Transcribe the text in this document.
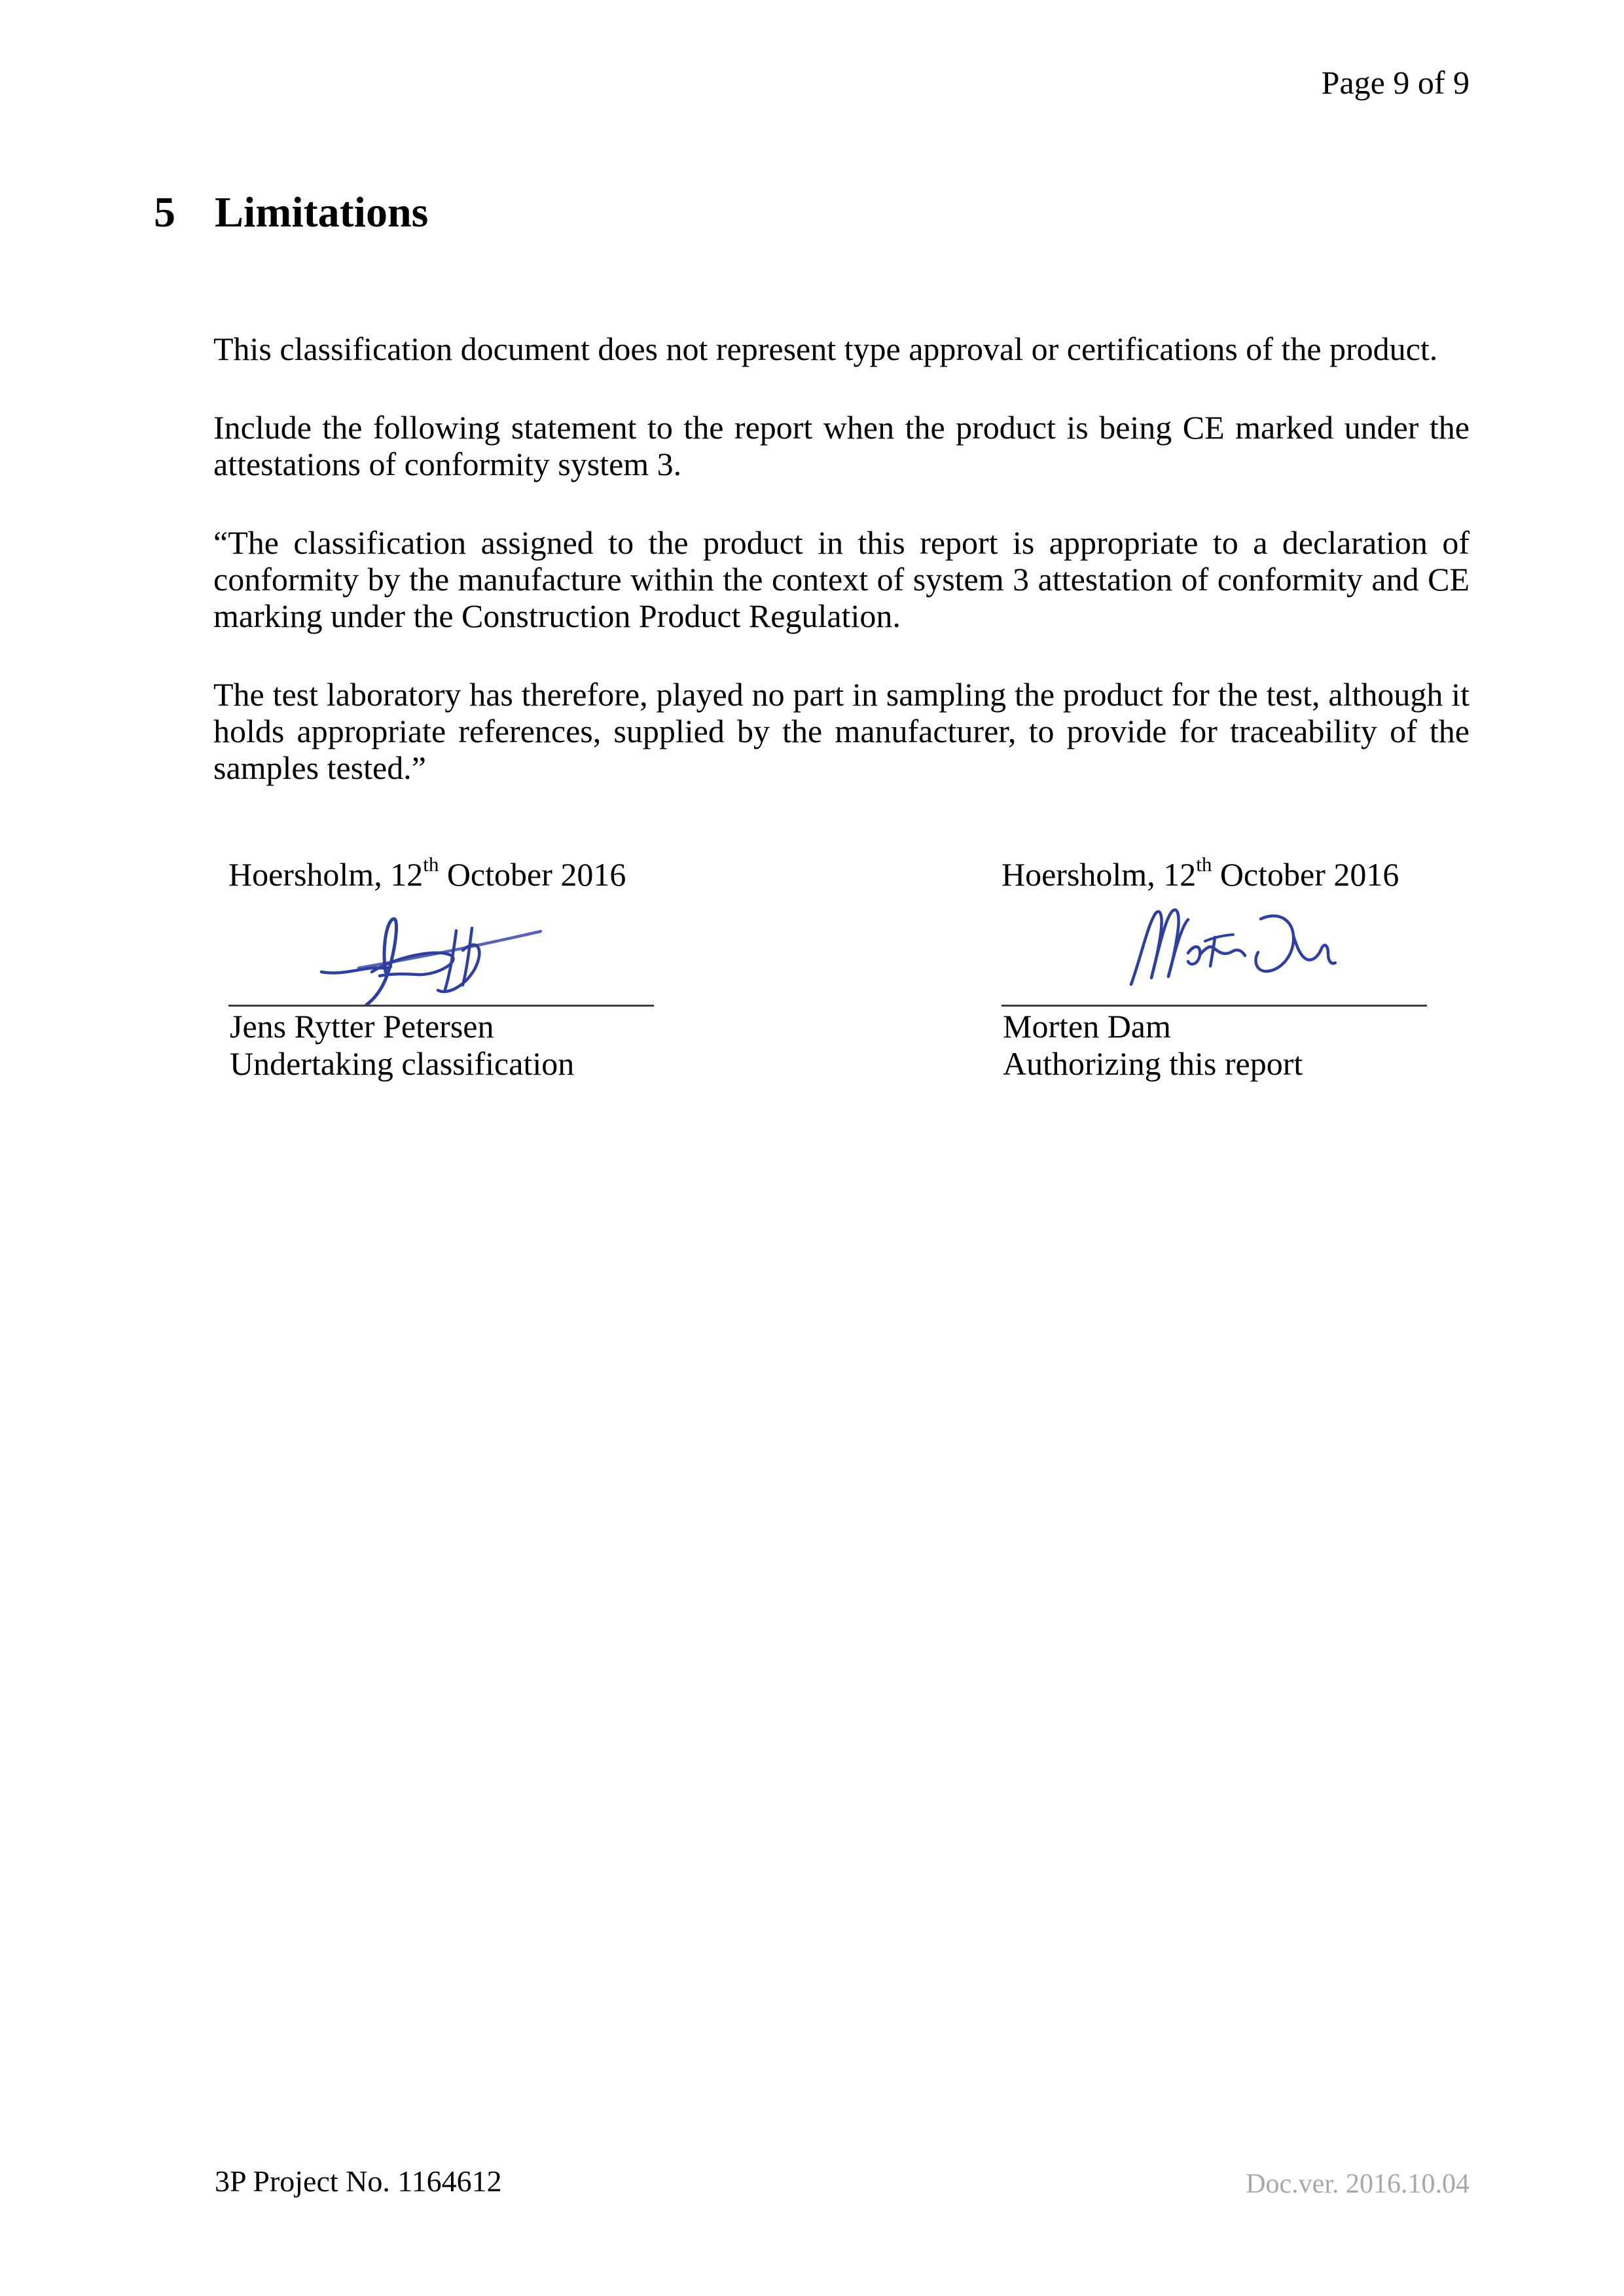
Page 9 of 9
5 Limitations

This classification document does not represent type approval or certifications of the product.

Include the following statement to the report when the product is being CE marked under the attestations of conformity system 3.

“The classification assigned to the product in this report is appropriate to a declaration of conformity by the manufacture within the context of system 3 attestation of conformity and CE marking under the Construction Product Regulation.

The test laboratory has therefore, played no part in sampling the product for the test, although it holds appropriate references, supplied by the manufacturer, to provide for traceability of the samples tested.”

Hoersholm, 12th October 2016
Jens Rytter Petersen
Undertaking classification
Hoersholm, 12th October 2016
Morten Dam
Authorizing this report
3P Project No. 1164612	Doc.ver. 2016.10.04
